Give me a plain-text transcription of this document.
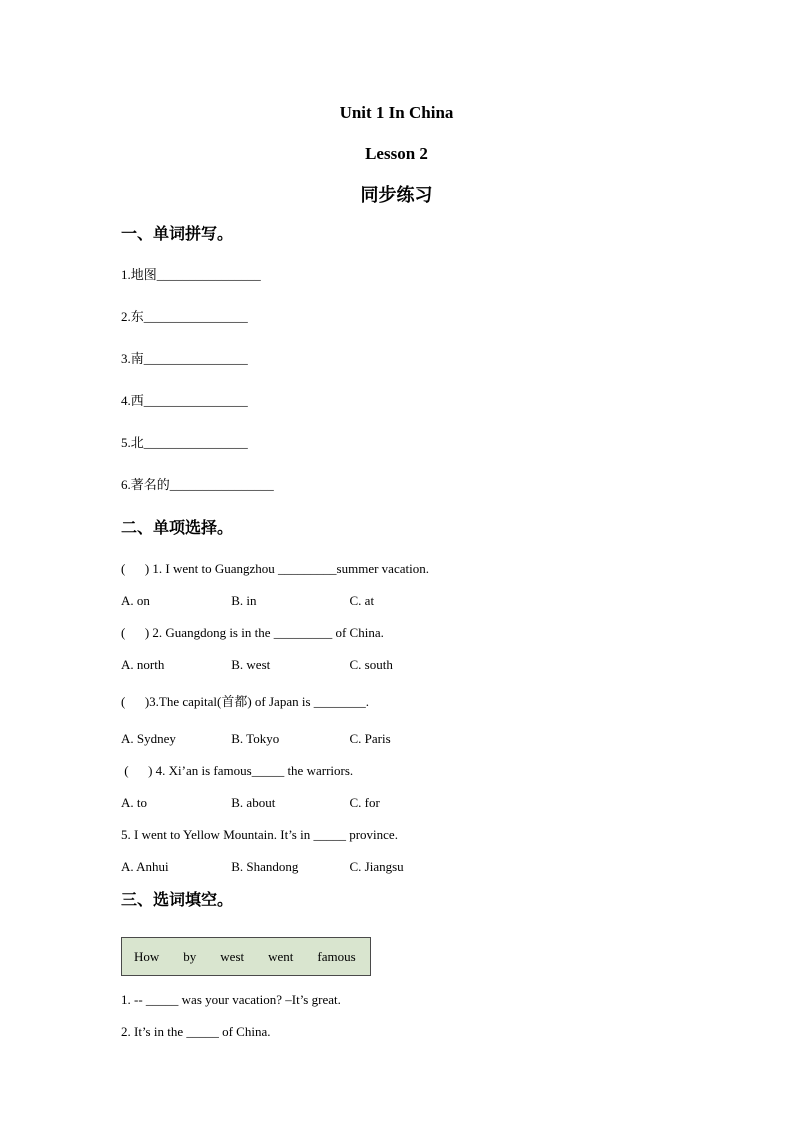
Unit 1 In China
Lesson 2
同步练习
一、单词拼写。
1.地图________________
2.东________________
3.南________________
4.西________________
5.北________________
6.著名的________________
二、单项选择。
(      ) 1. I went to Guangzhou _________summer vacation.
A. on	B. in	C. at
(      ) 2. Guangdong is in the _________ of China.
A. north	B. west	C. south
(      )3.The capital(首都) of Japan is ________.
A. Sydney	B. Tokyo	C. Paris
(      ) 4. Xi’an is famous_____ the warriors.
A. to	B. about	C. for
5. I went to Yellow Mountain. It’s in _____ province.
A. Anhui	B. Shandong	C. Jiangsu
三、选词填空。
How by west went famous
1. -- _____ was your vacation? –It’s great.
2. It’s in the _____ of China.
